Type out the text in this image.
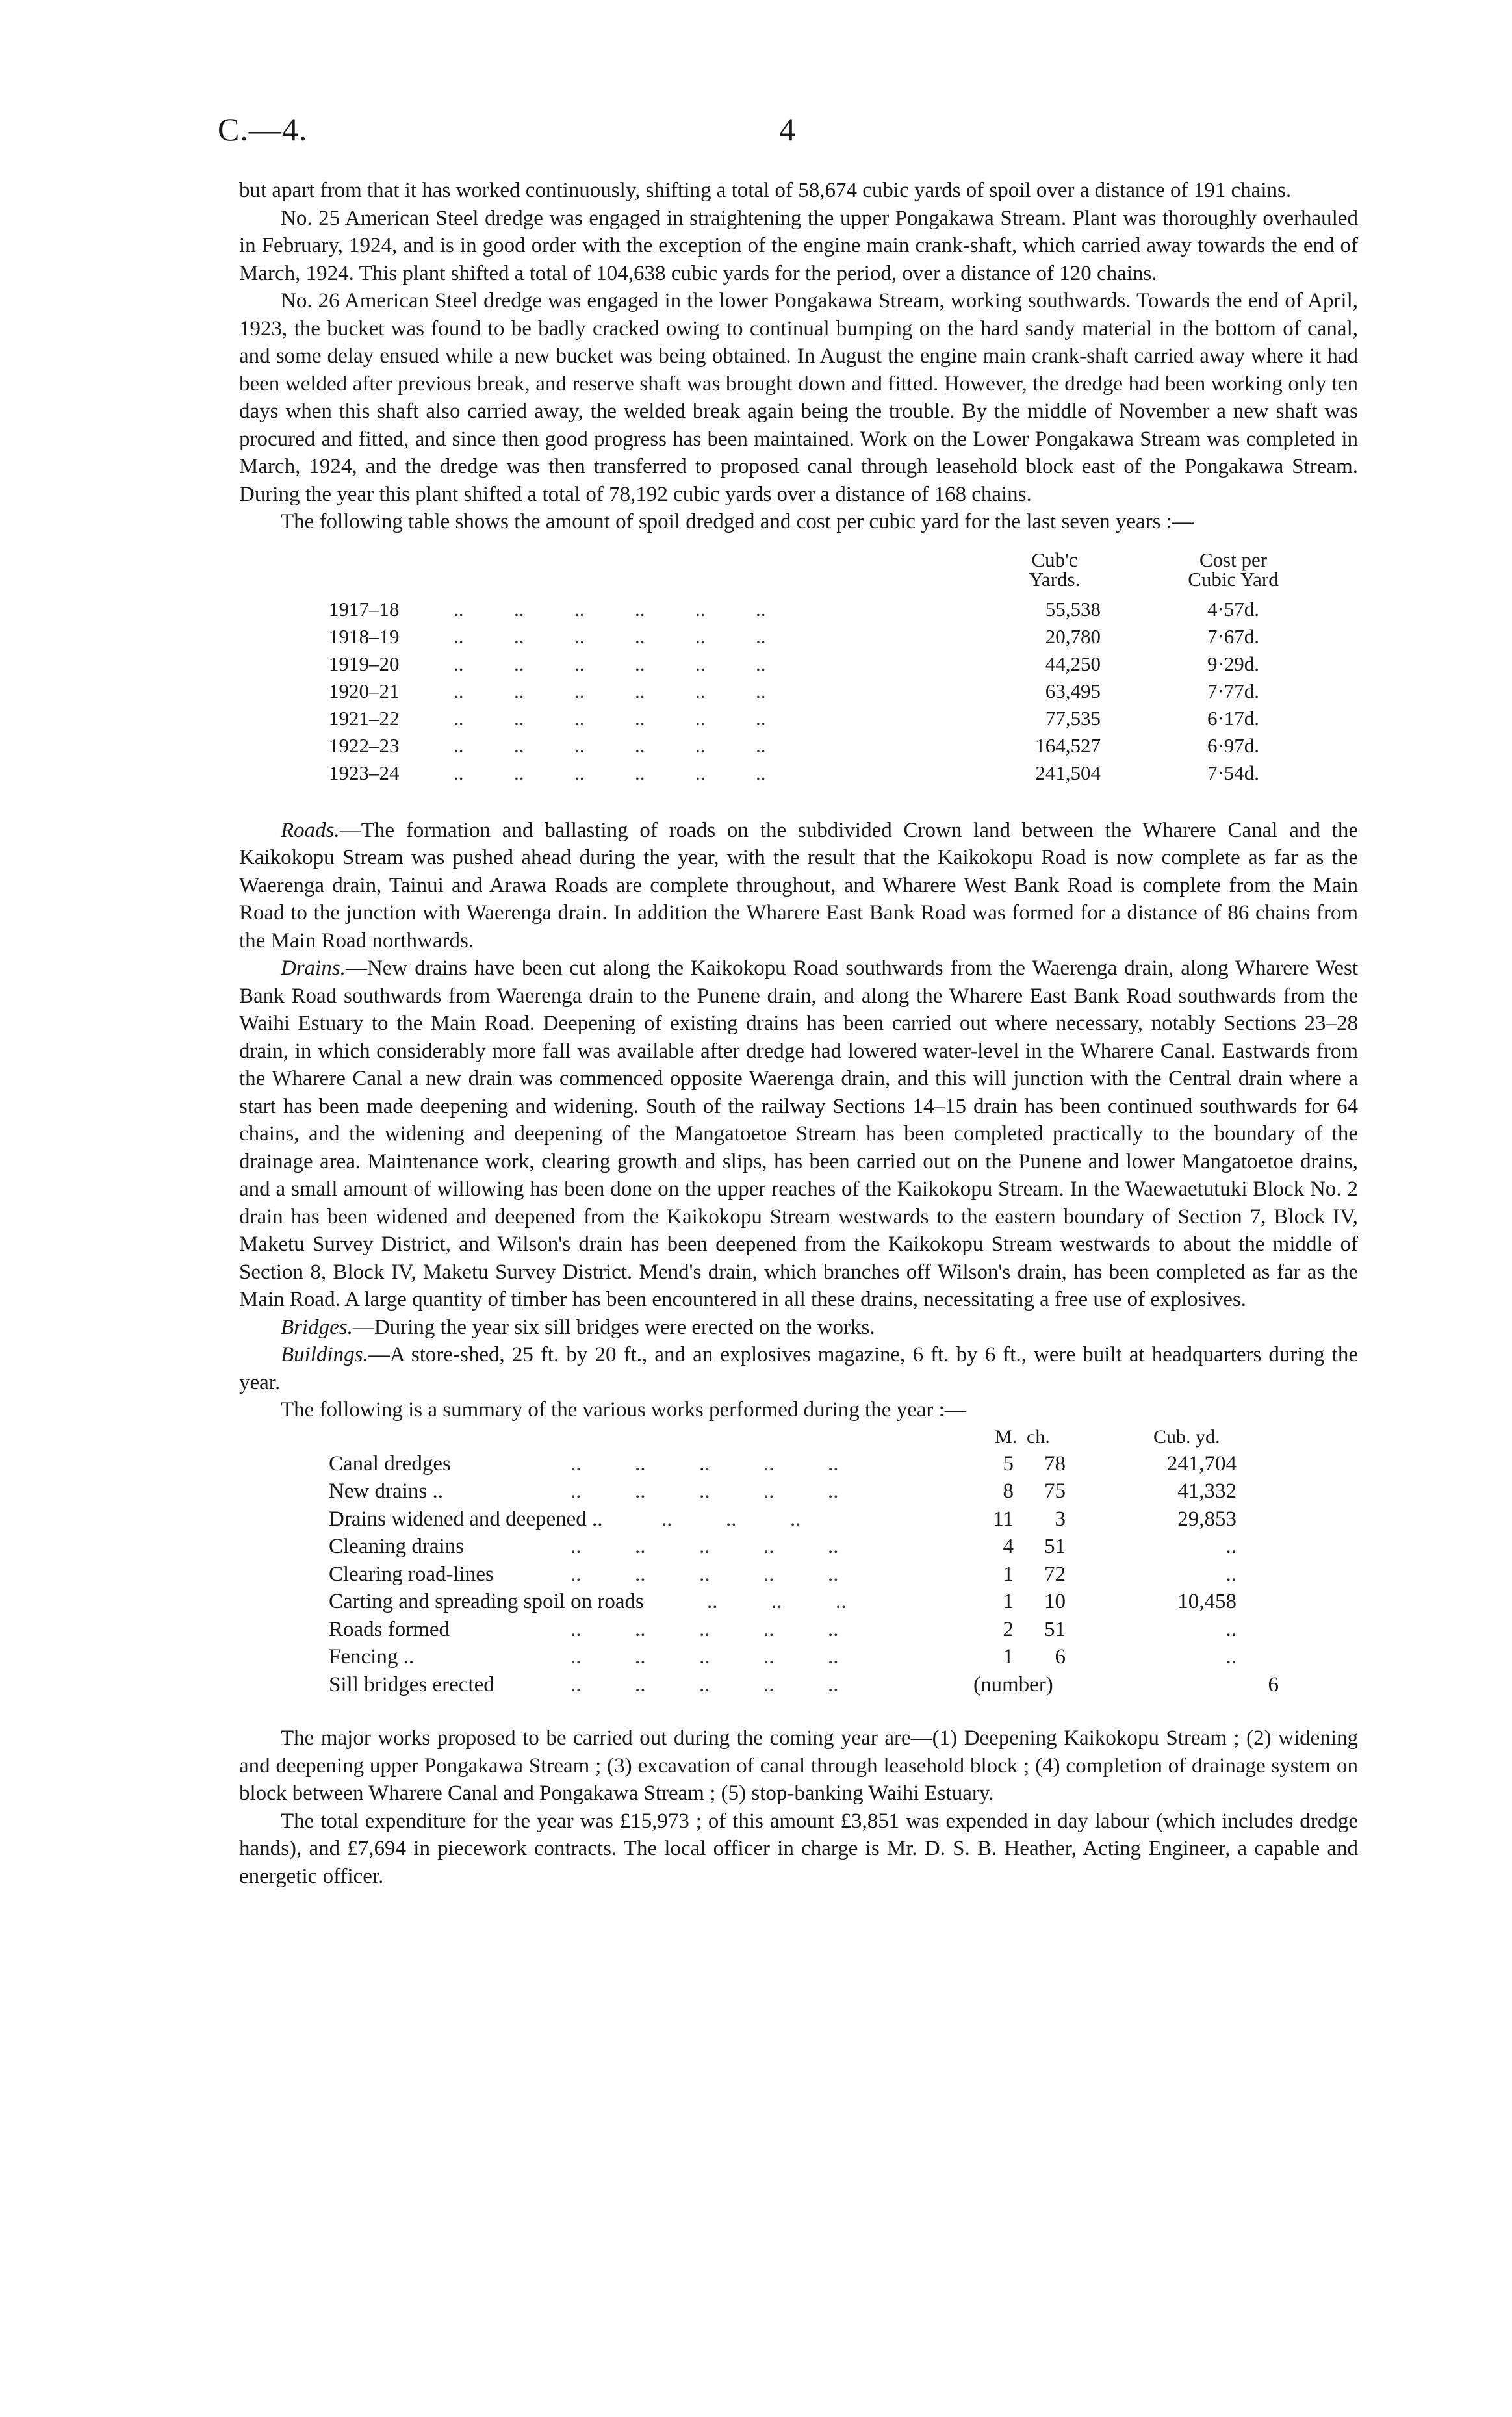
C.—4.	4

but apart from that it has worked continuously, shifting a total of 58,674 cubic yards of spoil over a distance of 191 chains.

No. 25 American Steel dredge was engaged in straightening the upper Pongakawa Stream. Plant was thoroughly overhauled in February, 1924, and is in good order with the exception of the engine main crank-shaft, which carried away towards the end of March, 1924. This plant shifted a total of 104,638 cubic yards for the period, over a distance of 120 chains.

No. 26 American Steel dredge was engaged in the lower Pongakawa Stream, working southwards. Towards the end of April, 1923, the bucket was found to be badly cracked owing to continual bumping on the hard sandy material in the bottom of canal, and some delay ensued while a new bucket was being obtained. In August the engine main crank-shaft carried away where it had been welded after previous break, and reserve shaft was brought down and fitted. However, the dredge had been working only ten days when this shaft also carried away, the welded break again being the trouble. By the middle of November a new shaft was procured and fitted, and since then good progress has been maintained. Work on the Lower Pongakawa Stream was completed in March, 1924, and the dredge was then transferred to proposed canal through leasehold block east of the Pongakawa Stream. During the year this plant shifted a total of 78,192 cubic yards over a distance of 168 chains.

The following table shows the amount of spoil dredged and cost per cubic yard for the last seven years :—

Cub'c
Yards.
Cost per
Cubic Yard
1917–18	..          ..          ..          ..          ..          ..	55,538	4·57d.
1918–19	..          ..          ..          ..          ..          ..	20,780	7·67d.
1919–20	..          ..          ..          ..          ..          ..	44,250	9·29d.
1920–21	..          ..          ..          ..          ..          ..	63,495	7·77d.
1921–22	..          ..          ..          ..          ..          ..	77,535	6·17d.
1922–23	..          ..          ..          ..          ..          ..	164,527	6·97d.
1923–24	..          ..          ..          ..          ..          ..	241,504	7·54d.

Roads.—The formation and ballasting of roads on the subdivided Crown land between the Wharere Canal and the Kaikokopu Stream was pushed ahead during the year, with the result that the Kaikokopu Road is now complete as far as the Waerenga drain, Tainui and Arawa Roads are complete throughout, and Wharere West Bank Road is complete from the Main Road to the junction with Waerenga drain. In addition the Wharere East Bank Road was formed for a distance of 86 chains from the Main Road northwards.

Drains.—New drains have been cut along the Kaikokopu Road southwards from the Waerenga drain, along Wharere West Bank Road southwards from Waerenga drain to the Punene drain, and along the Wharere East Bank Road southwards from the Waihi Estuary to the Main Road. Deepening of existing drains has been carried out where necessary, notably Sections 23–28 drain, in which considerably more fall was available after dredge had lowered water-level in the Wharere Canal. Eastwards from the Wharere Canal a new drain was commenced opposite Waerenga drain, and this will junction with the Central drain where a start has been made deepening and widening. South of the railway Sections 14–15 drain has been continued southwards for 64 chains, and the widening and deepening of the Mangatoetoe Stream has been completed practically to the boundary of the drainage area. Maintenance work, clearing growth and slips, has been carried out on the Punene and lower Mangatoetoe drains, and a small amount of willowing has been done on the upper reaches of the Kaikokopu Stream. In the Waewaetutuki Block No. 2 drain has been widened and deepened from the Kaikokopu Stream westwards to the eastern boundary of Section 7, Block IV, Maketu Survey District, and Wilson's drain has been deepened from the Kaikokopu Stream westwards to about the middle of Section 8, Block IV, Maketu Survey District. Mend's drain, which branches off Wilson's drain, has been completed as far as the Main Road. A large quantity of timber has been encountered in all these drains, necessitating a free use of explosives.

Bridges.—During the year six sill bridges were erected on the works.

Buildings.—A store-shed, 25 ft. by 20 ft., and an explosives magazine, 6 ft. by 6 ft., were built at headquarters during the year.

The following is a summary of the various works performed during the year :—

M. ch.	Cub. yd.
Canal dredges	..          ..          ..          ..          ..	5	78	241,704
New drains ..	..          ..          ..          ..          ..	8	75	41,332
Drains widened and deepened ..	..          ..          ..	11	3	29,853
Cleaning drains	..          ..          ..          ..          ..	4	51	..
Clearing road-lines	..          ..          ..          ..          ..	1	72	..
Carting and spreading spoil on roads	..          ..          ..	1	10	10,458
Roads formed	..          ..          ..          ..          ..	2	51	..
Fencing ..	..          ..          ..          ..          ..	1	6	..
Sill bridges erected	..          ..          ..          ..          ..	(number)	6

The major works proposed to be carried out during the coming year are—(1) Deepening Kaikokopu Stream ; (2) widening and deepening upper Pongakawa Stream ; (3) excavation of canal through leasehold block ; (4) completion of drainage system on block between Wharere Canal and Pongakawa Stream ; (5) stop-banking Waihi Estuary.

The total expenditure for the year was £15,973 ; of this amount £3,851 was expended in day labour (which includes dredge hands), and £7,694 in piecework contracts. The local officer in charge is Mr. D. S. B. Heather, Acting Engineer, a capable and energetic officer.
